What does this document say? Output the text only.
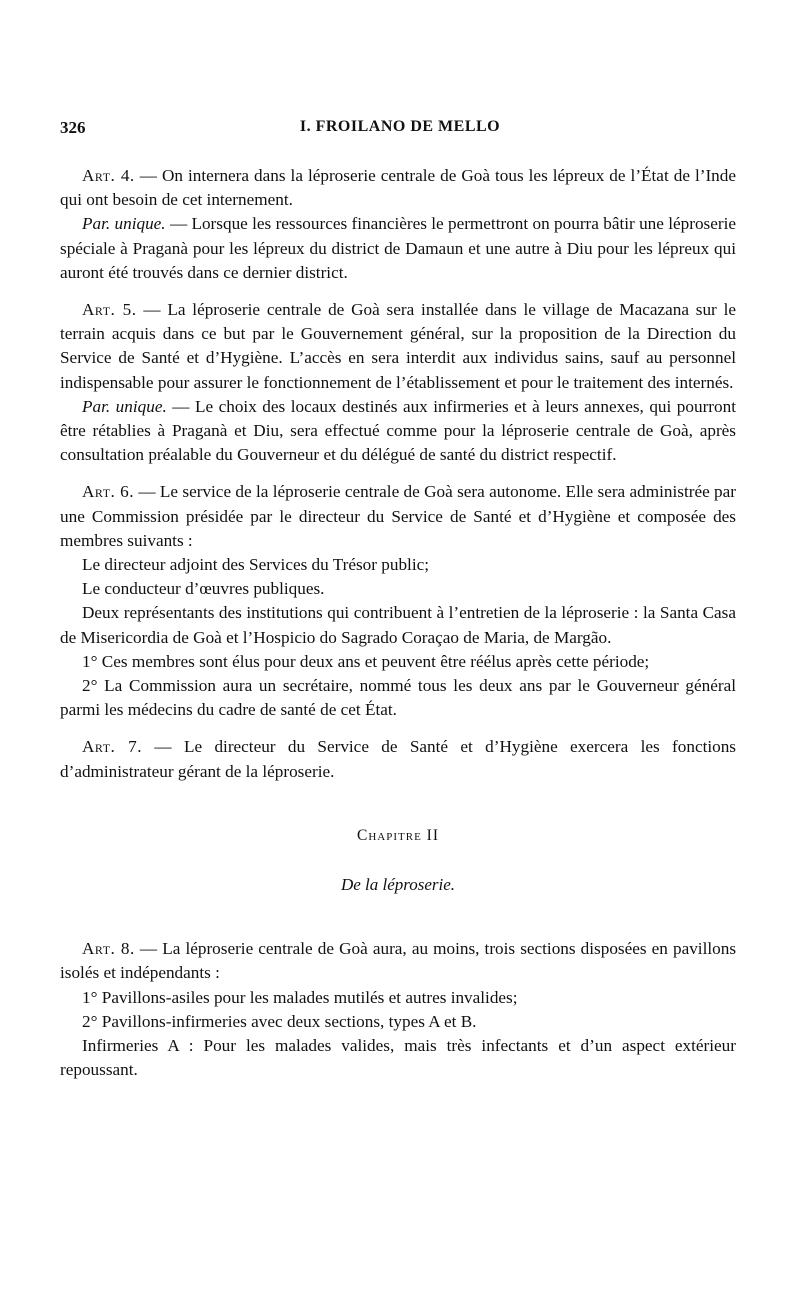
326	I. FROILANO DE MELLO

Art. 4. — On internera dans la léproserie centrale de Goà tous les lépreux de l’État de l’Inde qui ont besoin de cet internement.

Par. unique. — Lorsque les ressources financières le permettront on pourra bâtir une léproserie spéciale à Praganà pour les lépreux du district de Damaun et une autre à Diu pour les lépreux qui auront été trouvés dans ce dernier district.

Art. 5. — La léproserie centrale de Goà sera installée dans le village de Macazana sur le terrain acquis dans ce but par le Gouvernement général, sur la proposition de la Direction du Service de Santé et d’Hygiène. L’accès en sera interdit aux individus sains, sauf au personnel indispensable pour assurer le fonctionnement de l’établissement et pour le traitement des internés.

Par. unique. — Le choix des locaux destinés aux infirmeries et à leurs annexes, qui pourront être rétablies à Praganà et Diu, sera effectué comme pour la léproserie centrale de Goà, après consultation préalable du Gouverneur et du délégué de santé du district respectif.

Art. 6. — Le service de la léproserie centrale de Goà sera autonome. Elle sera administrée par une Commission présidée par le directeur du Service de Santé et d’Hygiène et composée des membres suivants :

Le directeur adjoint des Services du Trésor public;

Le conducteur d’œuvres publiques.

Deux représentants des institutions qui contribuent à l’entretien de la léproserie : la Santa Casa de Misericordia de Goà et l’Hospicio do Sagrado Coraçao de Maria, de Margão.

1° Ces membres sont élus pour deux ans et peuvent être réélus après cette période;

2° La Commission aura un secrétaire, nommé tous les deux ans par le Gouverneur général parmi les médecins du cadre de santé de cet État.

Art. 7. — Le directeur du Service de Santé et d’Hygiène exercera les fonctions d’administrateur gérant de la léproserie.

Chapitre II

De la léproserie.

Art. 8. — La léproserie centrale de Goà aura, au moins, trois sections disposées en pavillons isolés et indépendants :

1° Pavillons-asiles pour les malades mutilés et autres invalides;

2° Pavillons-infirmeries avec deux sections, types A et B.

Infirmeries A : Pour les malades valides, mais très infectants et d’un aspect extérieur repoussant.
